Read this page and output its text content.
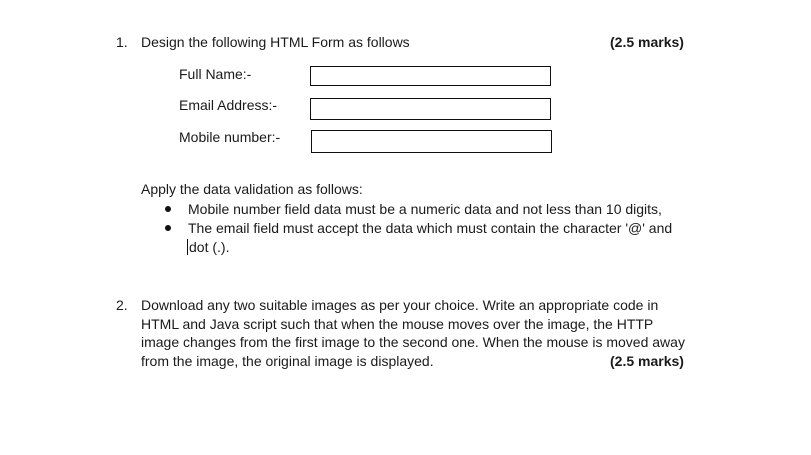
1. Design the following HTML Form as follows	(2.5 marks)
Full Name:-
Email Address:-
Mobile number:-
Apply the data validation as follows:
Mobile number field data must be a numeric data and not less than 10 digits,
The email field must accept the data which must contain the character '@' and
dot (.).
2. Download any two suitable images as per your choice. Write an appropriate code in
HTML and Java script such that when the mouse moves over the image, the HTTP
image changes from the first image to the second one. When the mouse is moved away
from the image, the original image is displayed.	(2.5 marks)
